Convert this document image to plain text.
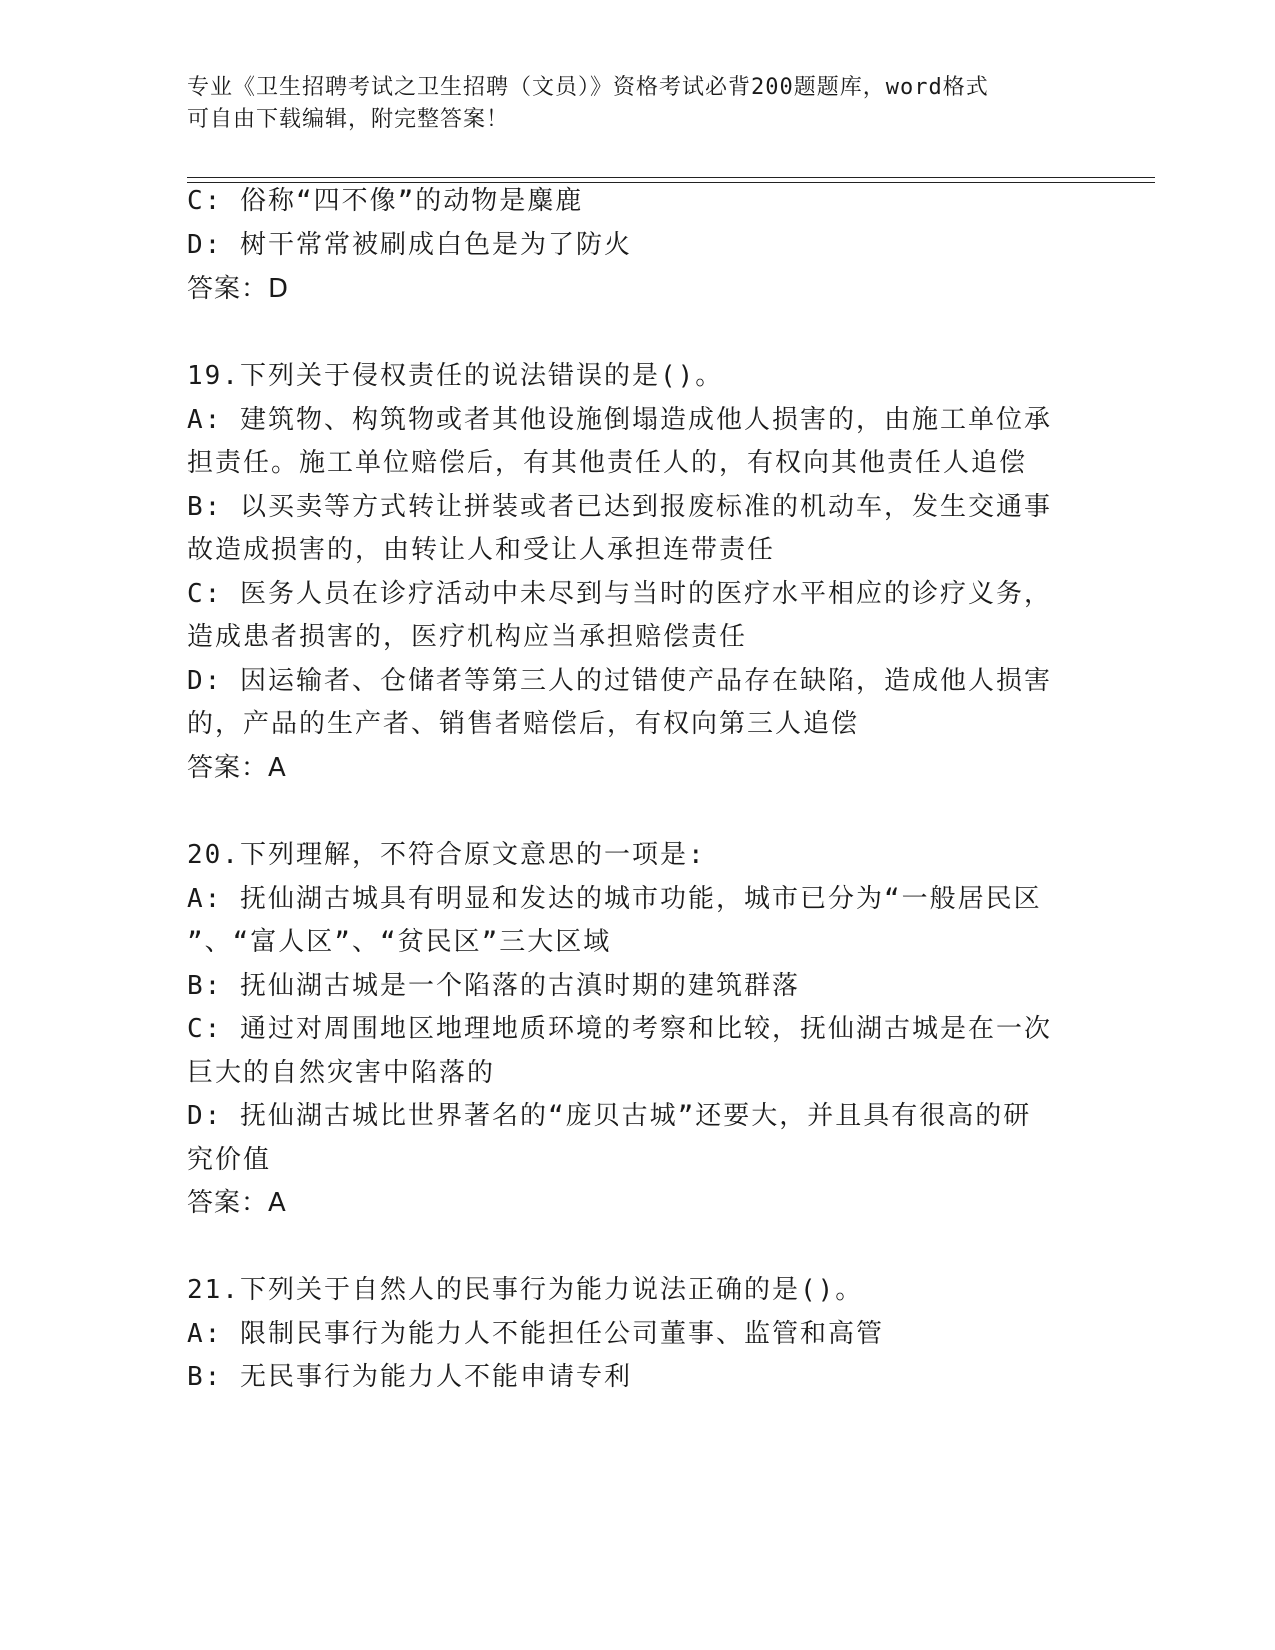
专业《卫生招聘考试之卫生招聘（文员）》资格考试必背200题题库，word格式
可自由下载编辑，附完整答案！
C: 俗称“四不像”的动物是麋鹿
D: 树干常常被刷成白色是为了防火
答案：D
19.下列关于侵权责任的说法错误的是()。
A: 建筑物、构筑物或者其他设施倒塌造成他人损害的，由施工单位承
担责任。施工单位赔偿后，有其他责任人的，有权向其他责任人追偿
B: 以买卖等方式转让拼装或者已达到报废标准的机动车，发生交通事
故造成损害的，由转让人和受让人承担连带责任
C: 医务人员在诊疗活动中未尽到与当时的医疗水平相应的诊疗义务，
造成患者损害的，医疗机构应当承担赔偿责任
D: 因运输者、仓储者等第三人的过错使产品存在缺陷，造成他人损害
的，产品的生产者、销售者赔偿后，有权向第三人追偿
答案：A
20.下列理解，不符合原文意思的一项是:
A: 抚仙湖古城具有明显和发达的城市功能，城市已分为“一般居民区
”、“富人区”、“贫民区”三大区域
B: 抚仙湖古城是一个陷落的古滇时期的建筑群落
C: 通过对周围地区地理地质环境的考察和比较，抚仙湖古城是在一次
巨大的自然灾害中陷落的
D: 抚仙湖古城比世界著名的“庞贝古城”还要大，并且具有很高的研
究价值
答案：A
21.下列关于自然人的民事行为能力说法正确的是()。
A: 限制民事行为能力人不能担任公司董事、监管和高管
B: 无民事行为能力人不能申请专利
